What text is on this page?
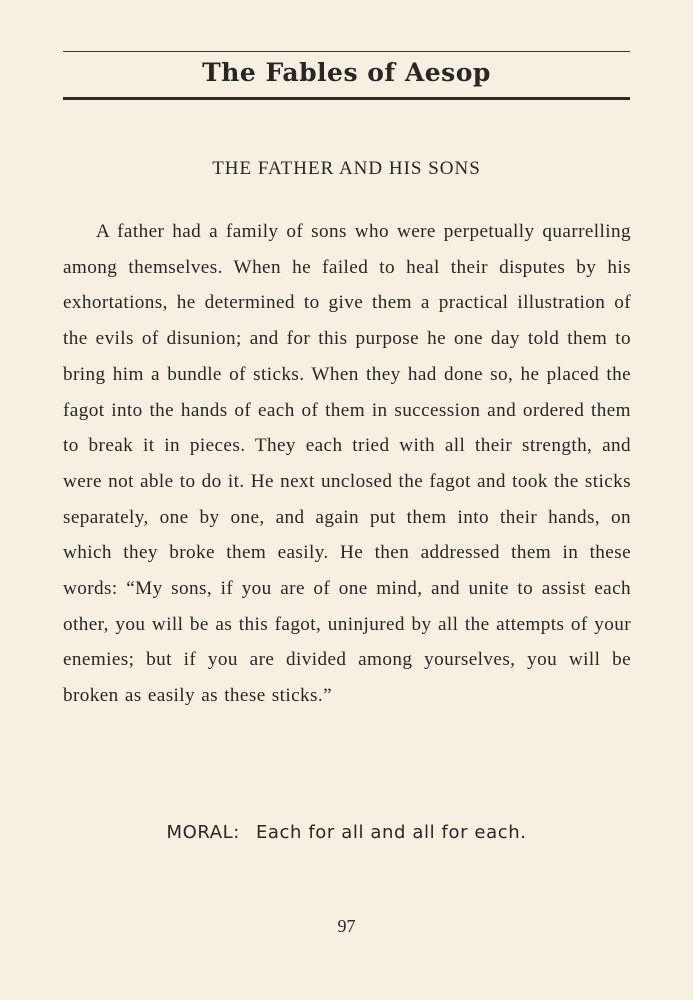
The Fables of Aesop
THE FATHER AND HIS SONS

A father had a family of sons who were perpetually quarrelling among themselves. When he failed to heal their disputes by his exhortations, he determined to give them a practical illustration of the evils of disunion; and for this purpose he one day told them to bring him a bundle of sticks. When they had done so, he placed the fagot into the hands of each of them in succession and ordered them to break it in pieces. They each tried with all their strength, and were not able to do it. He next unclosed the fagot and took the sticks separately, one by one, and again put them into their hands, on which they broke them easily. He then addressed them in these words: “My sons, if you are of one mind, and unite to assist each other, you will be as this fagot, uninjured by all the attempts of your enemies; but if you are divided among yourselves, you will be broken as easily as these sticks.”

MORAL: Each for all and all for each.
97
